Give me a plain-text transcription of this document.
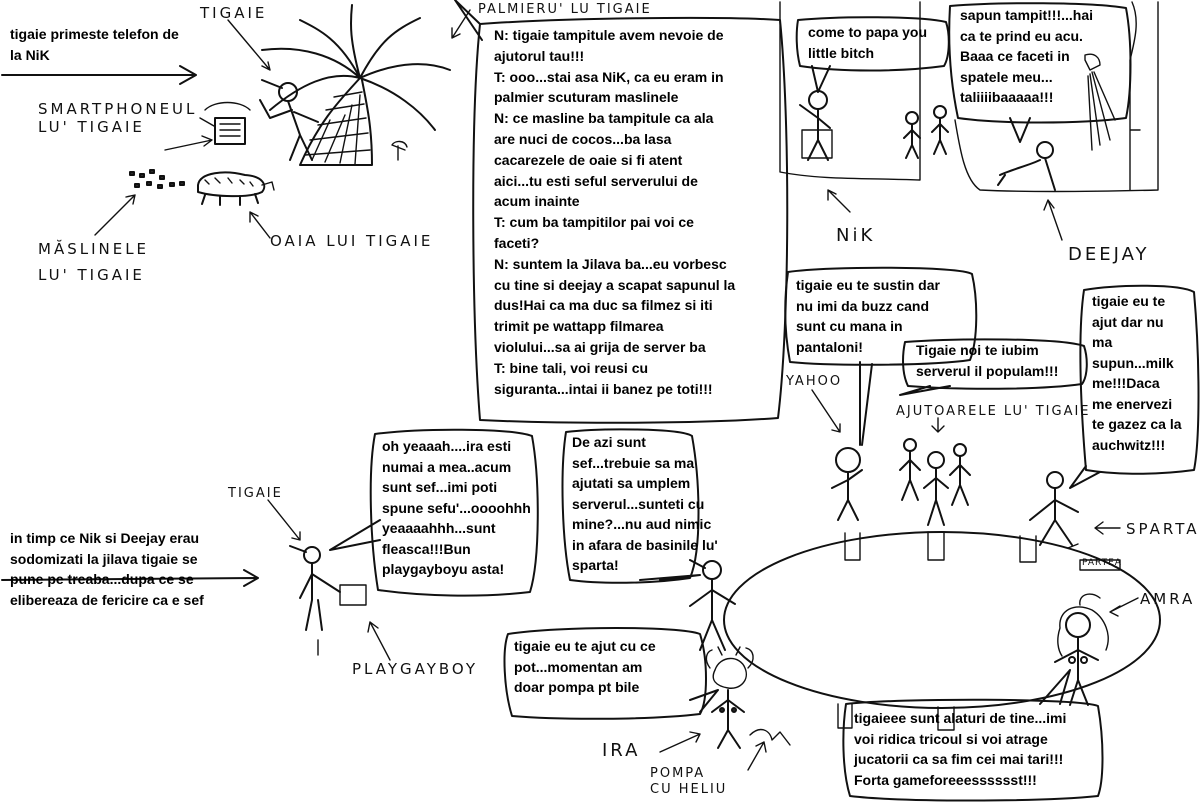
tigaie primeste telefon de
la NiK
in timp ce Nik si Deejay erau
sodomizati la jilava tigaie se
pune pe treaba...dupa ce se
elibereaza de fericire ca e sef
N: tigaie tampitule avem nevoie de
ajutorul tau!!!
T: ooo...stai asa NiK, ca eu eram in
palmier scuturam maslinele
N: ce masline ba tampitule ca ala
are nuci de cocos...ba lasa
cacarezele de oaie si fi atent
aici...tu esti seful serverului de
acum inainte
T: cum ba tampitilor pai voi ce
faceti?
N: suntem la Jilava ba...eu vorbesc
cu tine si deejay a scapat sapunul la
dus!Hai ca ma duc sa filmez si iti
trimit pe wattapp filmarea
violului...sa ai grija de server ba
T: bine tali, voi reusi cu
siguranta...intai ii banez pe toti!!!
come to papa you
little bitch
sapun tampit!!!...hai
ca te prind eu acu.
Baaa ce faceti in
spatele meu...
taliiiibaaaaa!!!
tigaie eu te sustin dar
nu imi da buzz cand
sunt cu mana in
pantaloni!	Tigaie noi te iubim
serverul il populam!!!
tigaie eu te
ajut dar nu
ma
supun...milk
me!!!Daca
me enervezi
te gazez ca la
auchwitz!!!
oh yeaaah....ira esti
numai a mea..acum
sunt sef...imi poti
spune sefu'...oooohhh
yeaaaahhh...sunt
fleasca!!!Bun
playgayboyu asta!
De azi sunt
sef...trebuie sa ma
ajutati sa umplem
serverul...sunteti cu
mine?...nu aud nimic
in afara de basinile lu'
sparta!
tigaie eu te ajut cu ce
pot...momentan am
doar pompa pt bile
tigaieee sunt alaturi de tine...imi
voi ridica tricoul si voi atrage
jucatorii ca sa fim cei mai tari!!!
Forta gameforeeesssssst!!!
TIGAIE	PALMIERU' LU TIGAIE
SMARTPHONEUL
LU' TIGAIE
MĂSLINELE
LU' TIGAIE
OAIA LUI TIGAIE	NiK
DEEJAY
YAHOO
AJUTOARELE LU' TIGAIE
SPARTA
PARTEA
AMRA
TIGAIE
PLAYGAYBOY
IRA
POMPA
CU HELIU
